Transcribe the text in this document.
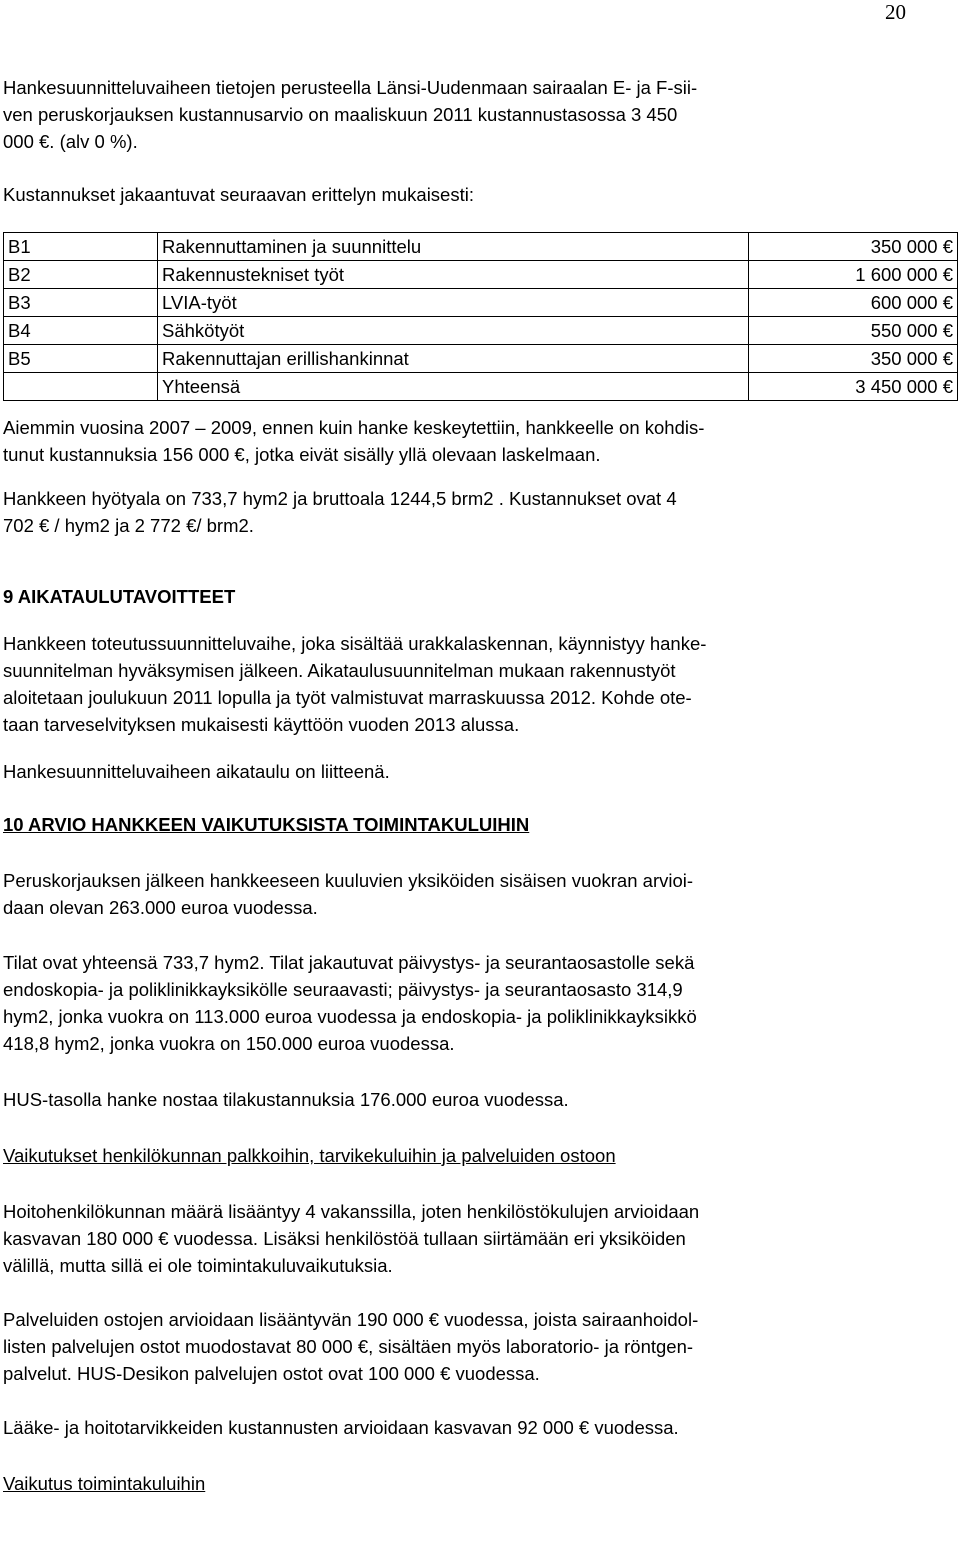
20

Hankesuunnitteluvaiheen tietojen perusteella Länsi-Uudenmaan sairaalan E- ja F-sii-
ven peruskorjauksen kustannusarvio on maaliskuun 2011 kustannustasossa 3 450
000 €. (alv 0 %).

Kustannukset jakaantuvat seuraavan erittelyn mukaisesti:

B1	Rakennuttaminen ja suunnittelu	350 000 €
B2	Rakennustekniset työt	1 600 000 €
B3	LVIA-työt	600 000 €
B4	Sähkötyöt	550 000 €
B5	Rakennuttajan erillishankinnat	350 000 €
	Yhteensä	3 450 000 €

Aiemmin vuosina 2007 – 2009, ennen kuin hanke keskeytettiin, hankkeelle on kohdis-
tunut kustannuksia 156 000 €, jotka eivät sisälly yllä olevaan laskelmaan.

Hankkeen hyötyala on 733,7 hym2 ja bruttoala 1244,5 brm2 . Kustannukset ovat 4
702 € / hym2 ja 2 772 €/ brm2.

9 AIKATAULUTAVOITTEET

Hankkeen toteutussuunnitteluvaihe, joka sisältää urakkalaskennan, käynnistyy hanke-
suunnitelman hyväksymisen jälkeen. Aikataulusuunnitelman mukaan rakennustyöt
aloitetaan joulukuun 2011 lopulla ja työt valmistuvat marraskuussa 2012. Kohde ote-
taan tarveselvityksen mukaisesti käyttöön vuoden 2013 alussa.

Hankesuunnitteluvaiheen aikataulu on liitteenä.

10 ARVIO HANKKEEN VAIKUTUKSISTA TOIMINTAKULUIHIN

Peruskorjauksen jälkeen hankkeeseen kuuluvien yksiköiden sisäisen vuokran arvioi-
daan olevan 263.000 euroa vuodessa.

Tilat ovat yhteensä 733,7 hym2. Tilat jakautuvat päivystys- ja seurantaosastolle sekä
endoskopia- ja poliklinikkayksikölle seuraavasti; päivystys- ja seurantaosasto 314,9
hym2, jonka vuokra on 113.000 euroa vuodessa ja endoskopia- ja poliklinikkayksikkö
418,8 hym2, jonka vuokra on 150.000 euroa vuodessa.

HUS-tasolla hanke nostaa tilakustannuksia 176.000 euroa vuodessa.

Vaikutukset henkilökunnan palkkoihin, tarvikekuluihin ja palveluiden ostoon

Hoitohenkilökunnan määrä lisääntyy 4 vakanssilla, joten henkilöstökulujen arvioidaan
kasvavan 180 000 € vuodessa. Lisäksi henkilöstöä tullaan siirtämään eri yksiköiden
välillä, mutta sillä ei ole toimintakuluvaikutuksia.

Palveluiden ostojen arvioidaan lisääntyvän 190 000 € vuodessa, joista sairaanhoidol-
listen palvelujen ostot muodostavat 80 000 €, sisältäen myös laboratorio- ja röntgen-
palvelut. HUS-Desikon palvelujen ostot ovat 100 000 € vuodessa.

Lääke- ja hoitotarvikkeiden kustannusten arvioidaan kasvavan 92 000 € vuodessa.

Vaikutus toimintakuluihin
